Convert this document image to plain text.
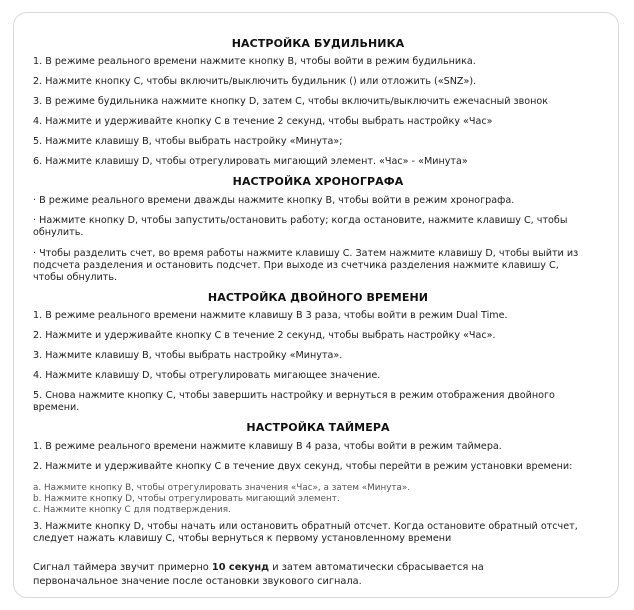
НАСТРОЙКА БУДИЛЬНИКА

1. В режиме реального времени нажмите кнопку В, чтобы войти в режим будильника.

2. Нажмите кнопку С, чтобы включить/выключить будильник () или отложить («SNZ»).

3. В режиме будильника нажмите кнопку D, затем С, чтобы включить/выключить ежечасный звонок

4. Нажмите и удерживайте кнопку С в течение 2 секунд, чтобы выбрать настройку «Час»

5. Нажмите клавишу В, чтобы выбрать настройку «Минута»;

6. Нажмите клавишу D, чтобы отрегулировать мигающий элемент. «Час» - «Минута»

НАСТРОЙКА ХРОНОГРАФА

· В режиме реального времени дважды нажмите кнопку В, чтобы войти в режим хронографа.

· Нажмите кнопку D, чтобы запустить/остановить работу; когда остановите, нажмите клавишу С, чтобы

обнулить.

· Чтобы разделить счет, во время работы нажмите клавишу С. Затем нажмите клавишу D, чтобы выйти из

подсчета разделения и остановить подсчет. При выходе из счетчика разделения нажмите клавишу С,

чтобы обнулить.

НАСТРОЙКА ДВОЙНОГО ВРЕМЕНИ

1. В режиме реального времени нажмите клавишу В 3 раза, чтобы войти в режим Dual Time.

2. Нажмите и удерживайте кнопку С в течение 2 секунд, чтобы выбрать настройку «Час».

3. Нажмите клавишу В, чтобы выбрать настройку «Минута».

4. Нажмите клавишу D, чтобы отрегулировать мигающее значение.

5. Снова нажмите кнопку С, чтобы завершить настройку и вернуться в режим отображения двойного

времени.

НАСТРОЙКА ТАЙМЕРА

1. В режиме реального времени нажмите клавишу В 4 раза, чтобы войти в режим таймера.

2. Нажмите и удерживайте кнопку С в течение двух секунд, чтобы перейти в режим установки времени:

а. Нажмите кнопку В, чтобы отрегулировать значения «Час», а затем «Минута».

b. Нажмите кнопку D, чтобы отрегулировать мигающий элемент.

с. Нажмите кнопку С для подтверждения.

3. Нажмите кнопку D, чтобы начать или остановить обратный отсчет. Когда остановите обратный отсчет,

следует нажать клавишу С, чтобы вернуться к первому установленному времени

Сигнал таймера звучит примерно 10 секунд и затем автоматически сбрасывается на

первоначальное значение после остановки звукового сигнала.
